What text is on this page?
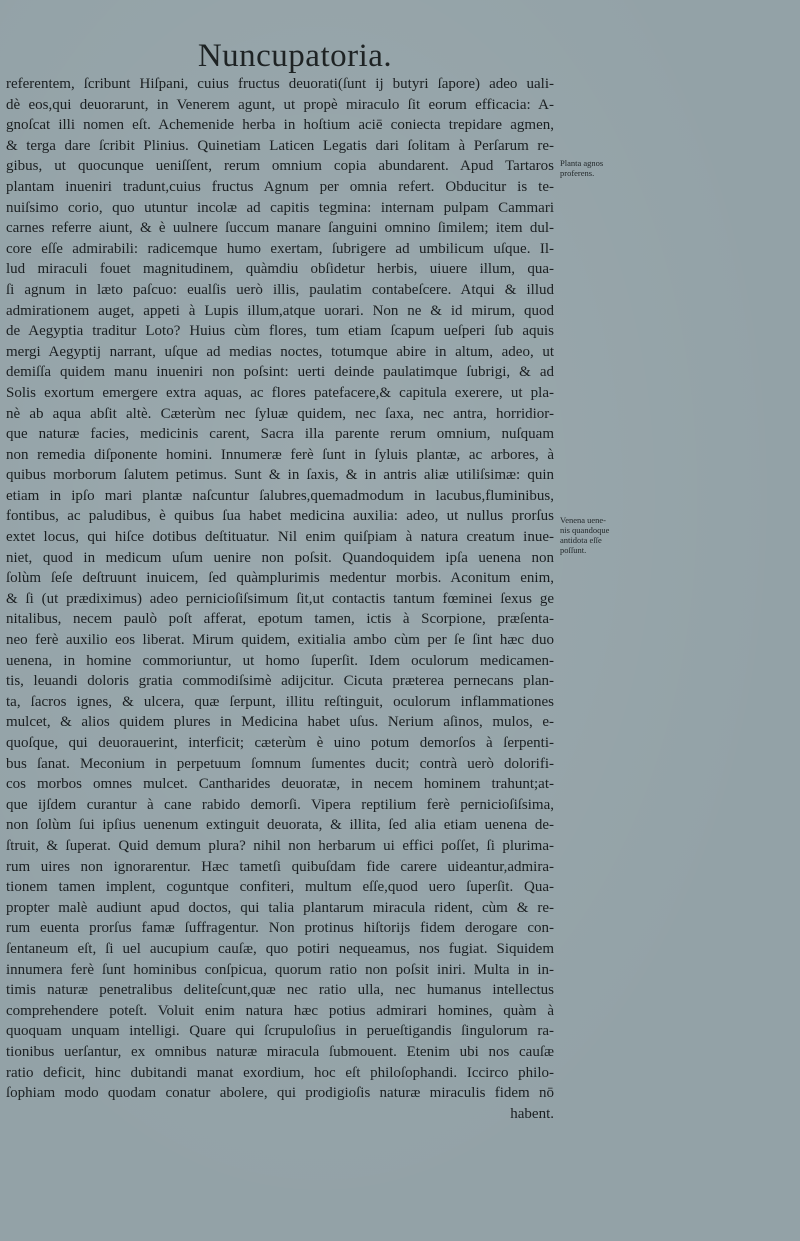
Nuncupatoria.
referentem, ſcribunt Hiſpani, cuius fructus deuorati(ſunt ij butyri ſapore) adeo uali-
dè eos,qui deuorarunt, in Venerem agunt, ut propè miraculo ſit eorum efficacia: A-
gnoſcat illi nomen eſt. Achemenide herba in hoſtium aciē coniecta trepidare agmen,
& terga dare ſcribit Plinius. Quinetiam Laticen Legatis dari ſolitam à Perſarum re-
gibus, ut quocunque ueniſſent, rerum omnium copia abundarent. Apud Tartaros
plantam inueniri tradunt,cuius fructus Agnum per omnia refert. Obducitur is te-
nuiſsimo corio, quo utuntur incolæ ad capitis tegmina: internam pulpam Cammari
carnes referre aiunt, & è uulnere ſuccum manare ſanguini omnino ſimilem; item dul-
core eſſe admirabili: radicemque humo exertam, ſubrigere ad umbilicum uſque. Il-
lud miraculi fouet magnitudinem, quàmdiu obſidetur herbis, uiuere illum, qua-
ſi agnum in læto paſcuo: eualſis uerò illis, paulatim contabeſcere. Atqui & illud
admirationem auget, appeti à Lupis illum,atque uorari. Non ne & id mirum, quod
de Aegyptia traditur Loto? Huius cùm flores, tum etiam ſcapum ueſperi ſub aquis
mergi Aegyptij narrant, uſque ad medias noctes, totumque abire in altum, adeo, ut
demiſſa quidem manu inueniri non poſsint: uerti deinde paulatimque ſubrigi, & ad
Solis exortum emergere extra aquas, ac flores patefacere,& capitula exerere, ut pla-
nè ab aqua abſit altè. Cæterùm nec ſyluæ quidem, nec ſaxa, nec antra, horridior-
que naturæ facies, medicinis carent, Sacra illa parente rerum omnium, nuſquam
non remedia diſponente homini. Innumeræ ferè ſunt in ſyluis plantæ, ac arbores, à
quibus morborum ſalutem petimus. Sunt & in ſaxis, & in antris aliæ utiliſsimæ: quin
etiam in ipſo mari plantæ naſcuntur ſalubres,quemadmodum in lacubus,fluminibus,
fontibus, ac paludibus, è quibus ſua habet medicina auxilia: adeo, ut nullus prorſus
extet locus, qui hiſce dotibus deſtituatur. Nil enim quiſpiam à natura creatum inue-
niet, quod in medicum uſum uenire non poſsit. Quandoquidem ipſa uenena non
ſolùm ſeſe deſtruunt inuicem, ſed quàmplurimis medentur morbis. Aconitum enim,
& ſi (ut prædiximus) adeo pernicioſiſsimum ſit,ut contactis tantum fœminei ſexus ge
nitalibus, necem paulò poſt afferat, epotum tamen, ictis à Scorpione, præſenta-
neo ferè auxilio eos liberat. Mirum quidem, exitialia ambo cùm per ſe ſint hæc duo
uenena, in homine commoriuntur, ut homo ſuperſit. Idem oculorum medicamen-
tis, leuandi doloris gratia commodiſsimè adijcitur. Cicuta præterea pernecans plan-
ta, ſacros ignes, & ulcera, quæ ſerpunt, illitu reſtinguit, oculorum inflammationes
mulcet, & alios quidem plures in Medicina habet uſus. Nerium aſinos, mulos, e-
quoſque, qui deuorauerint, interficit; cæterùm è uino potum demorſos à ſerpenti-
bus ſanat. Meconium in perpetuum ſomnum ſumentes ducit; contrà uerò dolorifi-
cos morbos omnes mulcet. Cantharides deuoratæ, in necem hominem trahunt;at-
que ijſdem curantur à cane rabido demorſi. Vipera reptilium ferè pernicioſiſsima,
non ſolùm ſui ipſius uenenum extinguit deuorata, & illita, ſed alia etiam uenena de-
ſtruit, & ſuperat. Quid demum plura? nihil non herbarum ui effici poſſet, ſi plurima-
rum uires non ignorarentur. Hæc tametſi quibuſdam fide carere uideantur,admira-
tionem tamen implent, coguntque confiteri, multum eſſe,quod uero ſuperſit. Qua-
propter malè audiunt apud doctos, qui talia plantarum miracula rident, cùm & re-
rum euenta prorſus famæ ſuffragentur. Non protinus hiſtorijs fidem derogare con-
ſentaneum eſt, ſi uel aucupium cauſæ, quo potiri nequeamus, nos fugiat. Siquidem
innumera ferè ſunt hominibus conſpicua, quorum ratio non poſsit iniri. Multa in in-
timis naturæ penetralibus deliteſcunt,quæ nec ratio ulla, nec humanus intellectus
comprehendere poteſt. Voluit enim natura hæc potius admirari homines, quàm à
quoquam unquam intelligi. Quare qui ſcrupuloſius in perueſtigandis ſingulorum ra-
tionibus uerſantur, ex omnibus naturæ miracula ſubmouent. Etenim ubi nos cauſæ
ratio deficit, hinc dubitandi manat exordium, hoc eſt philoſophandi. Iccirco philo-
ſophiam modo quodam conatur abolere, qui prodigioſis naturæ miraculis fidem nō
habent.
Planta agnos
proferens.
Venena uene-
nis quandoque
antidota eſſe
poſſunt.
